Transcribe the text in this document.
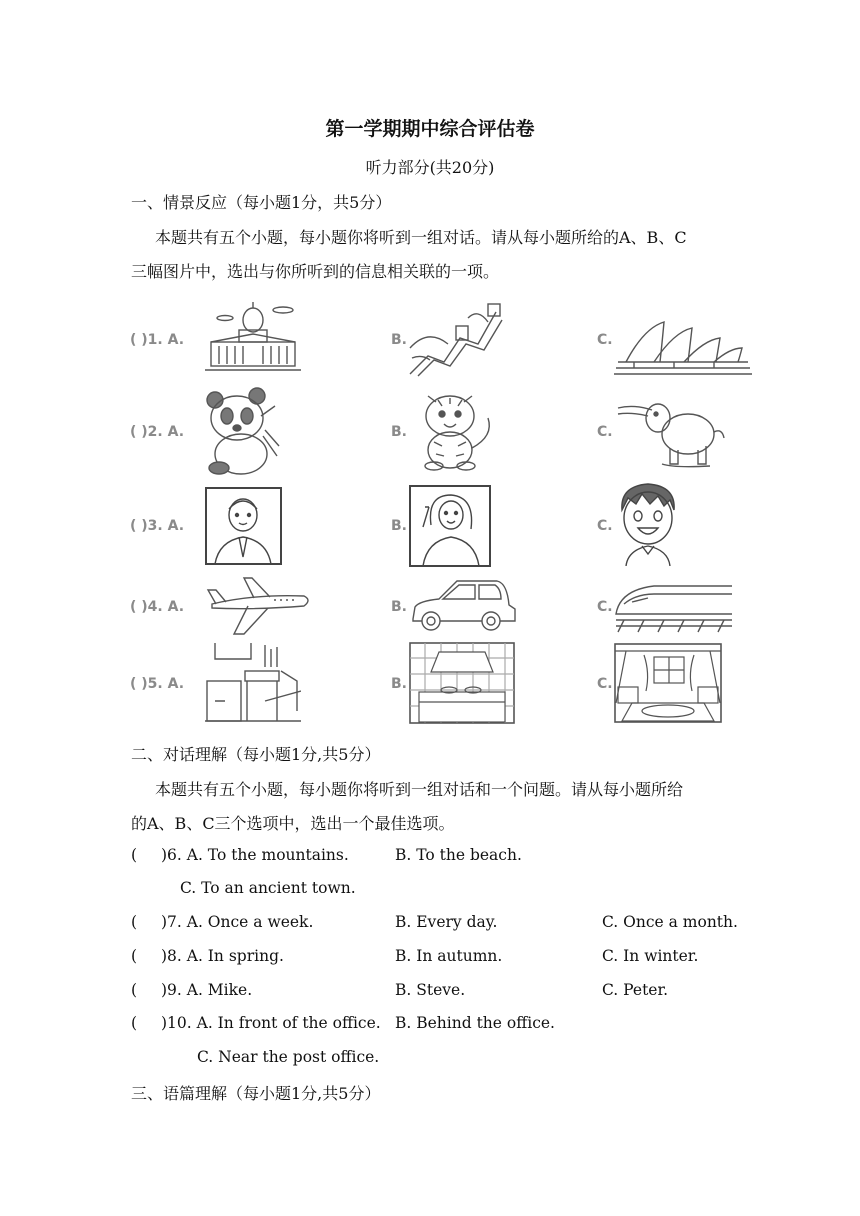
第一学期期中综合评估卷
听力部分(共20分)
一、情景反应（每小题1分，共5分）
本题共有五个小题，每小题你将听到一组对话。请从每小题所给的A、B、C
三幅图片中，选出与你所听到的信息相关联的一项。
( )1. A.	B.	C.
( )2. A.	B.	C.
( )3. A.	B.	C.
( )4. A.	B.	C.
( )5. A.	B.	C.
二、对话理解（每小题1分,共5分）
本题共有五个小题，每小题你将听到一组对话和一个问题。请从每小题所给
的A、B、C三个选项中，选出一个最佳选项。
( )6. A. To the mountains.	B. To the beach.
C. To an ancient town.
( )7. A. Once a week.	B. Every day.	C. Once a month.
( )8. A. In spring.	B. In autumn.	C. In winter.
( )9. A. Mike.	B. Steve.	C. Peter.
( )10. A. In front of the office. B. Behind the office.
C. Near the post office.
三、语篇理解（每小题1分,共5分）
